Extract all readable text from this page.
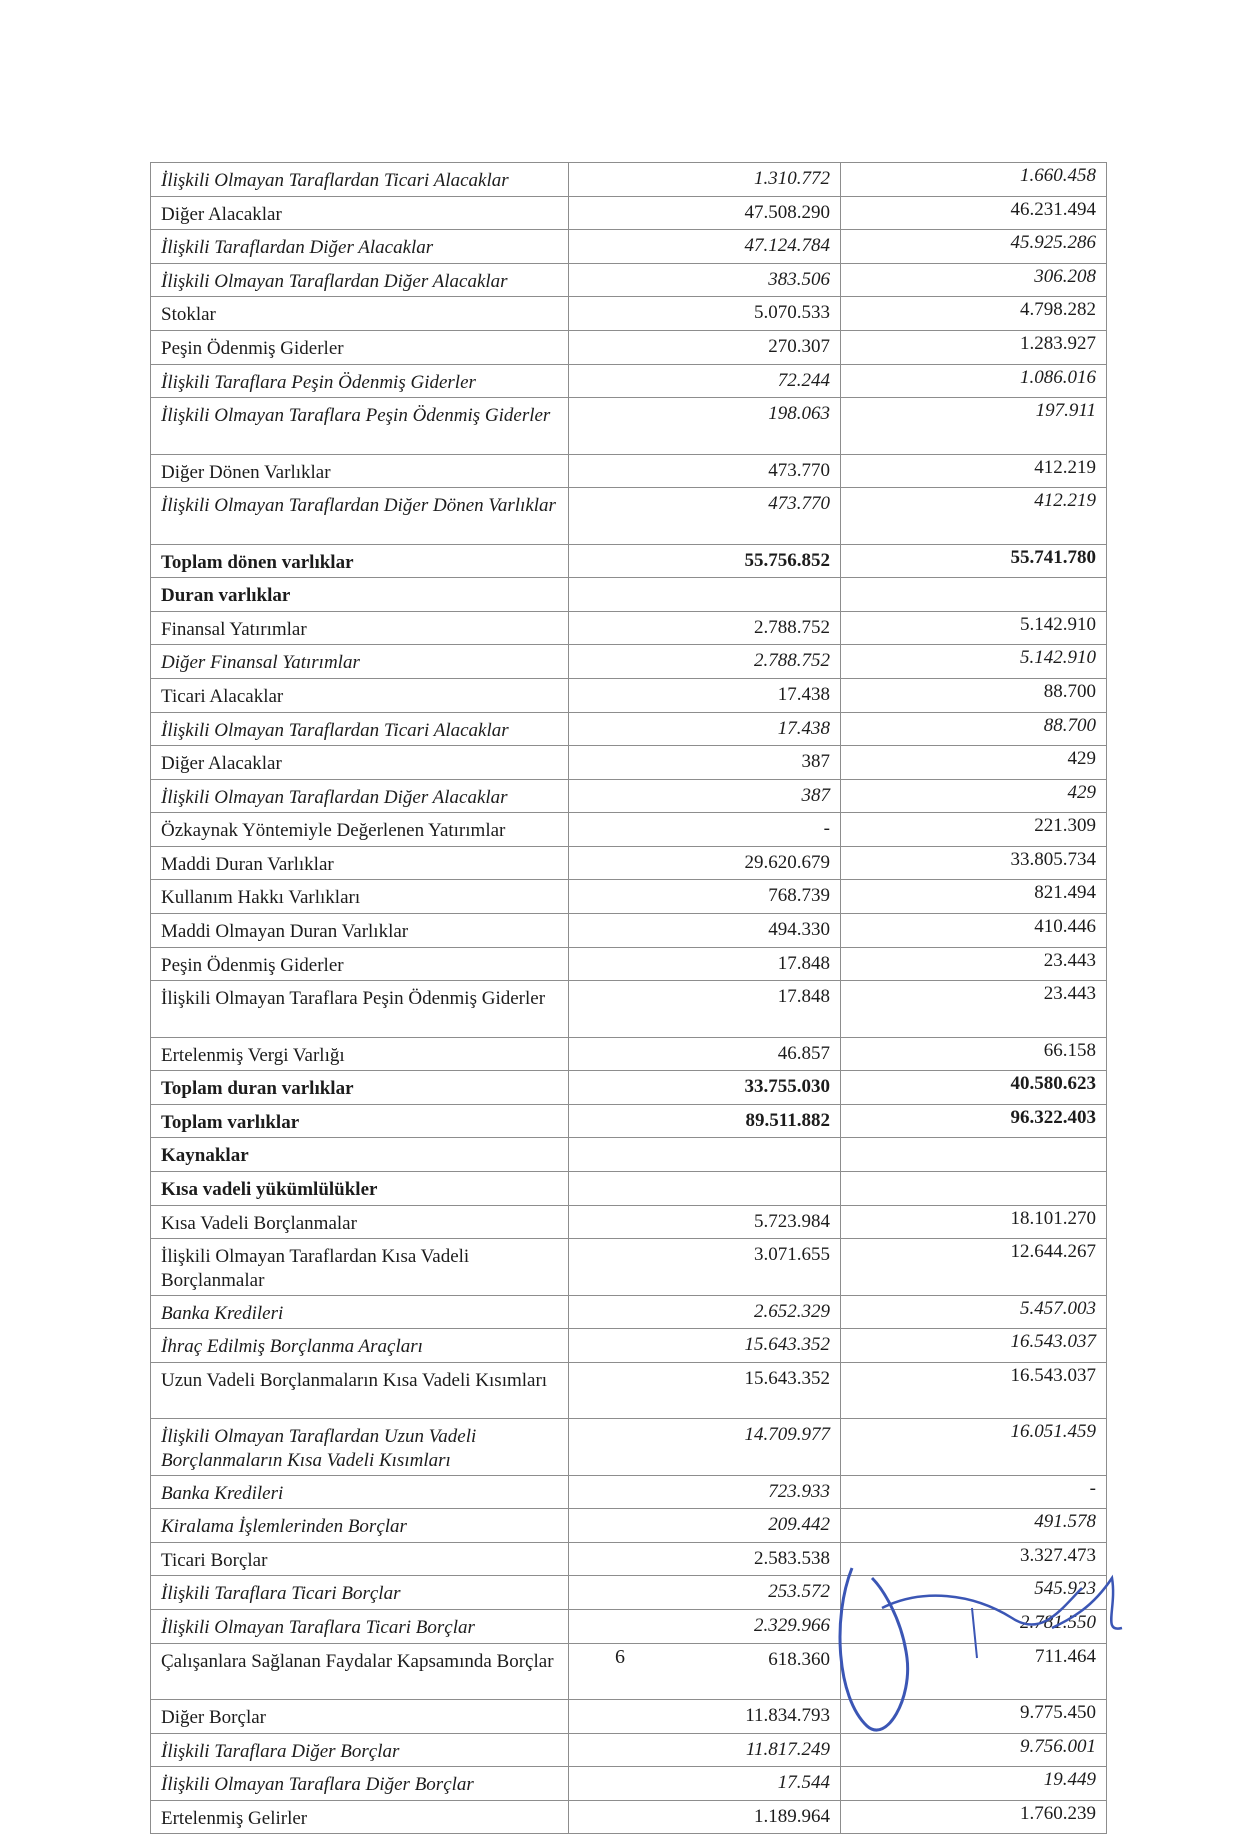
İlişkili Olmayan Taraflardan Ticari Alacaklar	1.310.772	1.660.458
Diğer Alacaklar	47.508.290	46.231.494
İlişkili Taraflardan Diğer Alacaklar	47.124.784	45.925.286
İlişkili Olmayan Taraflardan Diğer Alacaklar	383.506	306.208
Stoklar	5.070.533	4.798.282
Peşin Ödenmiş Giderler	270.307	1.283.927
İlişkili Taraflara Peşin Ödenmiş Giderler	72.244	1.086.016
İlişkili Olmayan Taraflara Peşin Ödenmiş Giderler	198.063	197.911
Diğer Dönen Varlıklar	473.770	412.219
İlişkili Olmayan Taraflardan Diğer Dönen Varlıklar	473.770	412.219
Toplam dönen varlıklar	55.756.852	55.741.780
Duran varlıklar		
Finansal Yatırımlar	2.788.752	5.142.910
Diğer Finansal Yatırımlar	2.788.752	5.142.910
Ticari Alacaklar	17.438	88.700
İlişkili Olmayan Taraflardan Ticari Alacaklar	17.438	88.700
Diğer Alacaklar	387	429
İlişkili Olmayan Taraflardan Diğer Alacaklar	387	429
Özkaynak Yöntemiyle Değerlenen Yatırımlar	-	221.309
Maddi Duran Varlıklar	29.620.679	33.805.734
Kullanım Hakkı Varlıkları	768.739	821.494
Maddi Olmayan Duran Varlıklar	494.330	410.446
Peşin Ödenmiş Giderler	17.848	23.443
İlişkili Olmayan Taraflara Peşin Ödenmiş Giderler	17.848	23.443
Ertelenmiş Vergi Varlığı	46.857	66.158
Toplam duran varlıklar	33.755.030	40.580.623
Toplam varlıklar	89.511.882	96.322.403
Kaynaklar		
Kısa vadeli yükümlülükler		
Kısa Vadeli Borçlanmalar	5.723.984	18.101.270
İlişkili Olmayan Taraflardan Kısa Vadeli Borçlanmalar	3.071.655	12.644.267
Banka Kredileri	2.652.329	5.457.003
İhraç Edilmiş Borçlanma Araçları	15.643.352	16.543.037
Uzun Vadeli Borçlanmaların Kısa Vadeli Kısımları	15.643.352	16.543.037
İlişkili Olmayan Taraflardan Uzun Vadeli Borçlanmaların Kısa Vadeli Kısımları	14.709.977	16.051.459
Banka Kredileri	723.933	-
Kiralama İşlemlerinden Borçlar	209.442	491.578
Ticari Borçlar	2.583.538	3.327.473
İlişkili Taraflara Ticari Borçlar	253.572	545.923
İlişkili Olmayan Taraflara Ticari Borçlar	2.329.966	2.781.550
Çalışanlara Sağlanan Faydalar Kapsamında Borçlar	618.360	711.464
Diğer Borçlar	11.834.793	9.775.450
İlişkili Taraflara Diğer Borçlar	11.817.249	9.756.001
İlişkili Olmayan Taraflara Diğer Borçlar	17.544	19.449
Ertelenmiş Gelirler	1.189.964	1.760.239
6
